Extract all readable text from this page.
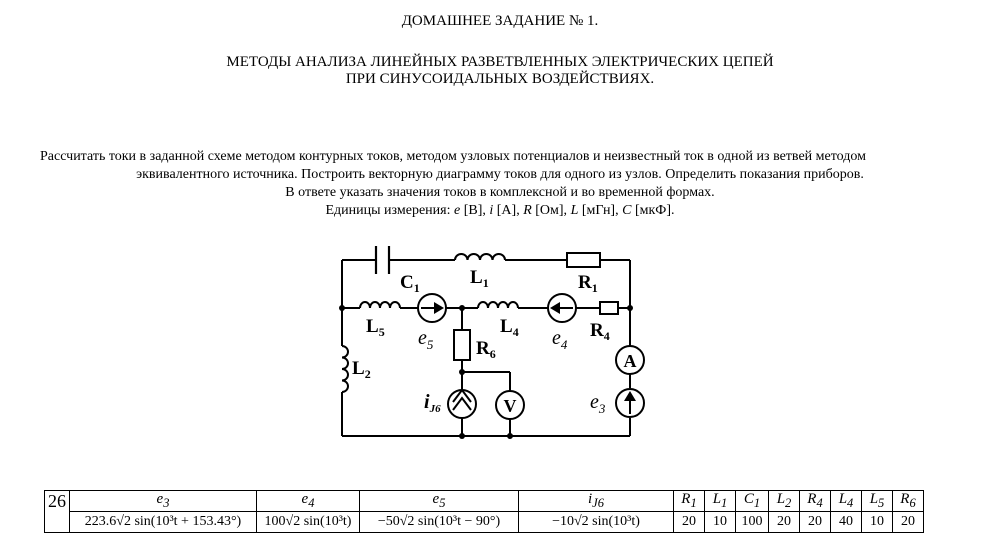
ДОМАШНЕЕ ЗАДАНИЕ № 1.
МЕТОДЫ АНАЛИЗА ЛИНЕЙНЫХ РАЗВЕТВЛЕННЫХ ЭЛЕКТРИЧЕСКИХ ЦЕПЕЙ
ПРИ СИНУСОИДАЛЬНЫХ ВОЗДЕЙСТВИЯХ.
Рассчитать токи в заданной схеме методом контурных токов, методом узловых потенциалов и неизвестный ток в одной из ветвей методом
эквивалентного источника. Построить векторную диаграмму токов для одного из узлов. Определить показания приборов.
В ответе указать значения токов в комплексной и во временной формах.
Единицы измерения: e [В], i [А], R [Ом], L [мГн], C [мкФ].
V
A
$C_1$	$L_1$	$R_1$
$L_5$	$L_4$	$R_4$
$R_6$
$L_2$
$e_5$	$e_4$
$e_3$
$i_{J6}$
26	$e_3$	$e_4$	$e_5$	$i_{J6}$	$R_1$	$L_1$	$C_1$	$L_2$	$R_4$	$L_4$	$L_5$	$R_6$
	223.6√2 sin(10³t + 153.43°)	100√2 sin(10³t)	−50√2 sin(10³t − 90°)	−10√2 sin(10³t)	20	10	100	20	20	40	10	20
